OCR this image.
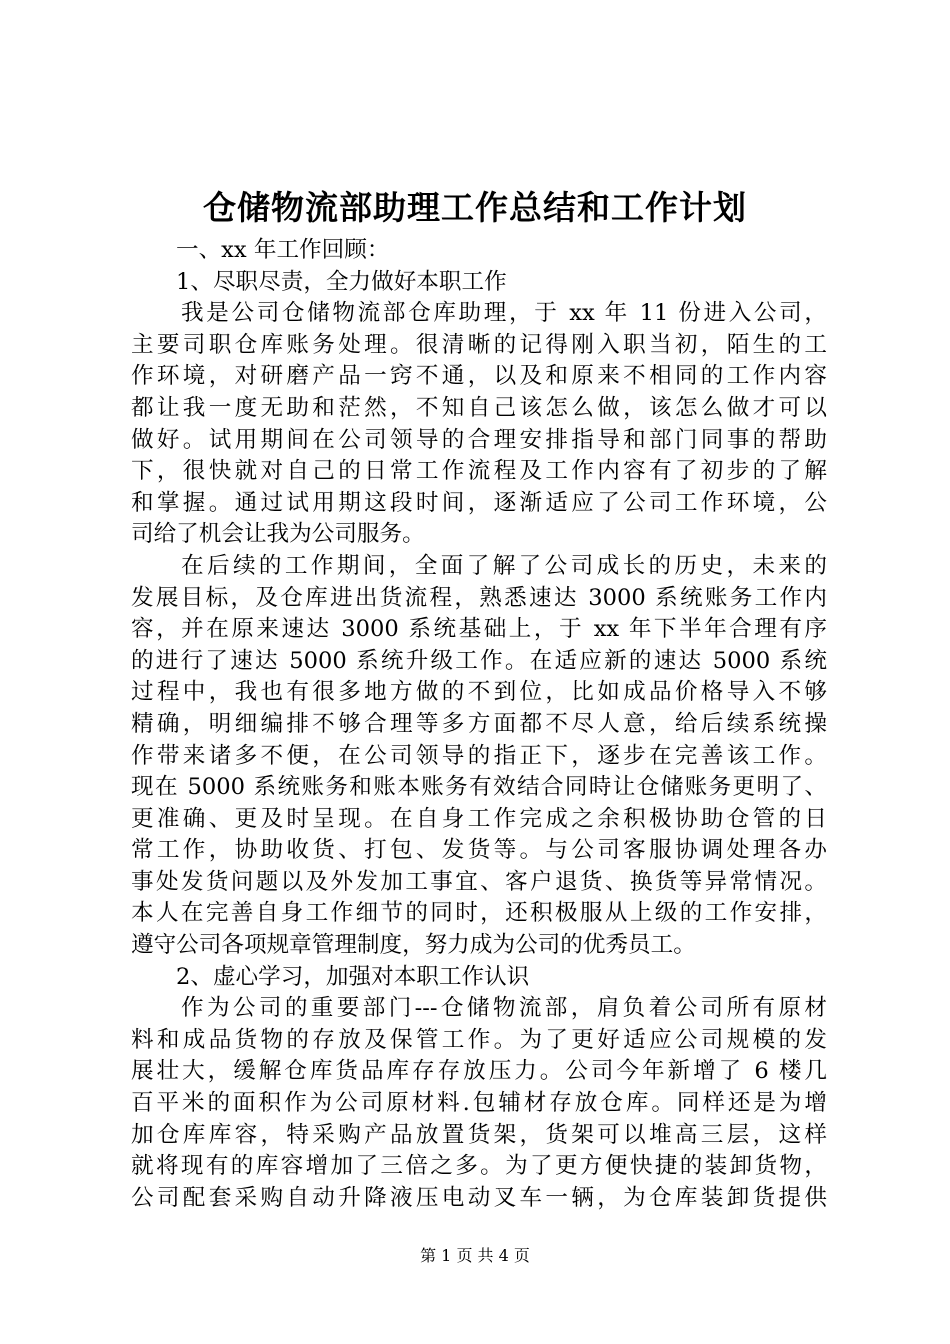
仓储物流部助理工作总结和工作计划
一、xx 年工作回顾：
1、尽职尽责，全力做好本职工作
我是公司仓储物流部仓库助理，于 xx 年 11 份进入公司，
主要司职仓库账务处理。很清晰的记得刚入职当初，陌生的工
作环境，对研磨产品一窍不通，以及和原来不相同的工作内容
都让我一度无助和茫然，不知自己该怎么做，该怎么做才可以
做好。试用期间在公司领导的合理安排指导和部门同事的帮助
下，很快就对自己的日常工作流程及工作内容有了初步的了解
和掌握。通过试用期这段时间，逐渐适应了公司工作环境，公
司给了机会让我为公司服务。
在后续的工作期间，全面了解了公司成长的历史，未来的
发展目标，及仓库进出货流程，熟悉速达 3000 系统账务工作内
容，并在原来速达 3000 系统基础上，于 xx 年下半年合理有序
的进行了速达 5000 系统升级工作。在适应新的速达 5000 系统
过程中，我也有很多地方做的不到位，比如成品价格导入不够
精确，明细编排不够合理等多方面都不尽人意，给后续系统操
作带来诸多不便，在公司领导的指正下，逐步在完善该工作。
现在 5000 系统账务和账本账务有效结合同時让仓储账务更明了、
更准确、更及时呈现。在自身工作完成之余积极协助仓管的日
常工作，协助收货、打包、发货等。与公司客服协调处理各办
事处发货问题以及外发加工事宜、客户退货、换货等异常情况。
本人在完善自身工作细节的同时，还积极服从上级的工作安排，
遵守公司各项规章管理制度，努力成为公司的优秀员工。
2、虚心学习，加强对本职工作认识
作为公司的重要部门---仓储物流部，肩负着公司所有原材
料和成品货物的存放及保管工作。为了更好适应公司规模的发
展壮大，缓解仓库货品库存存放压力。公司今年新增了 6 楼几
百平米的面积作为公司原材料.包辅材存放仓库。同样还是为增
加仓库库容，特采购产品放置货架，货架可以堆高三层，这样
就将现有的库容增加了三倍之多。为了更方便快捷的装卸货物，
公司配套采购自动升降液压电动叉车一辆，为仓库装卸货提供
第 1 页 共 4 页
